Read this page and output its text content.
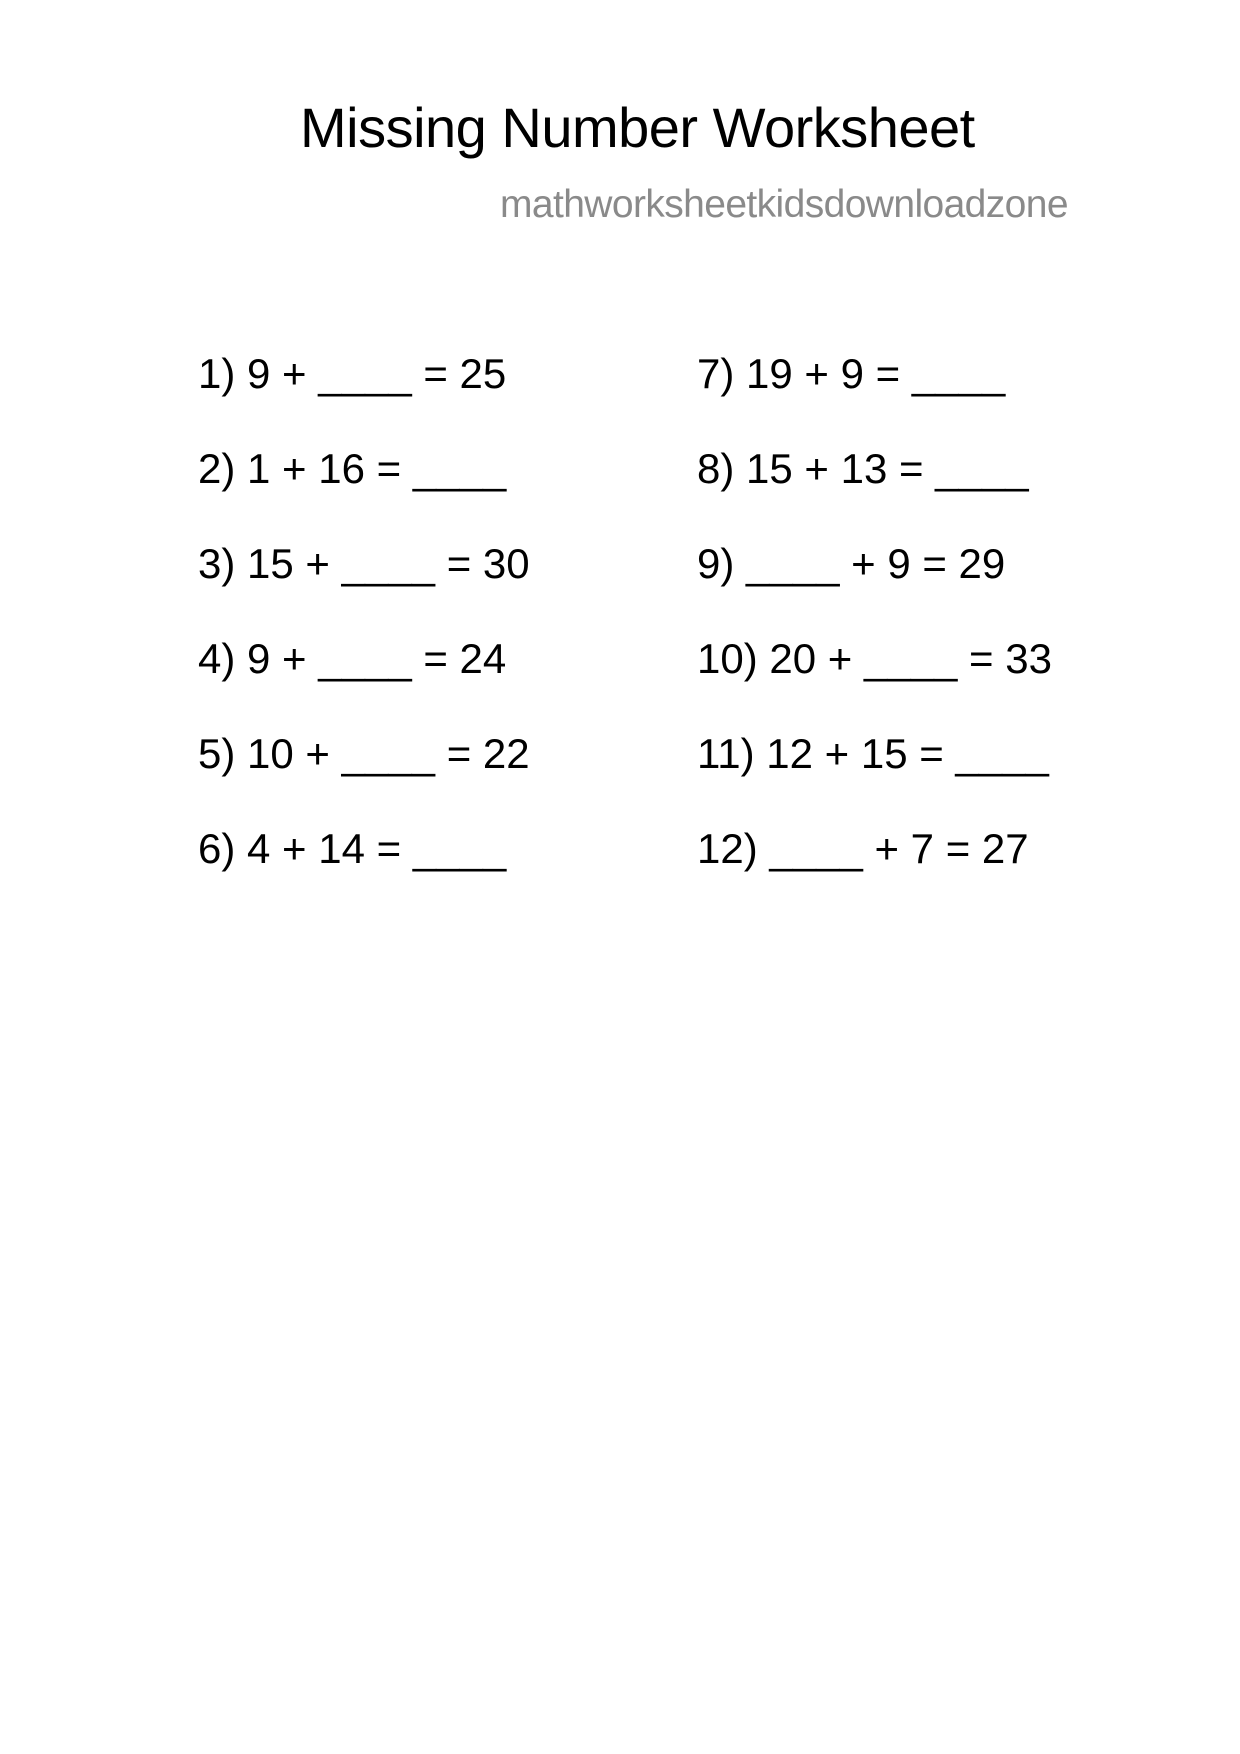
Missing Number Worksheet
mathworksheetkidsdownloadzone
1) 9 + ____ = 25
2) 1 + 16 = ____
3) 15 + ____ = 30
4) 9 + ____ = 24
5) 10 + ____ = 22
6) 4 + 14 = ____
7) 19 + 9 = ____
8) 15 + 13 = ____
9) ____ + 9 = 29
10) 20 + ____ = 33
11) 12 + 15 = ____
12) ____ + 7 = 27
